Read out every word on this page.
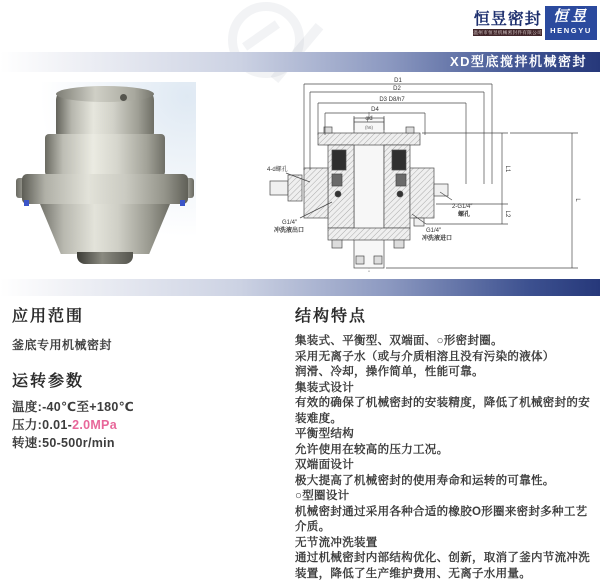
恒昱密封
温州市恒昱机械密封件有限公司
恒昱
HENGYU
XD型底搅拌机械密封
D1
D2
D3 D8/h7
D4
φd
(h6)
L1
L2
L
4-d螺孔
G1/4″
冲洗液出口	G1/4″
冲洗液进口
2-G1/4″
螺孔
应用范围
釜底专用机械密封
运转参数
温度:-40℃至+180℃
压力:0.01-2.0MPa
转速:50-500r/min
结构特点
集装式、平衡型、双端面、○形密封圈。
采用无离子水（或与介质相溶且没有污染的液体）
润滑、冷却，操作简单，性能可靠。
集装式设计
有效的确保了机械密封的安装精度，降低了机械密封的安装难度。
平衡型结构
允许使用在较高的压力工况。
双端面设计
极大提高了机械密封的使用寿命和运转的可靠性。
○型圈设计
机械密封通过采用各种合适的橡胶O形圈来密封多种工艺介质。
无节流冲洗装置
通过机械密封内部结构优化、创新，取消了釜内节流冲洗装置，降低了生产维护费用、无离子水用量。
